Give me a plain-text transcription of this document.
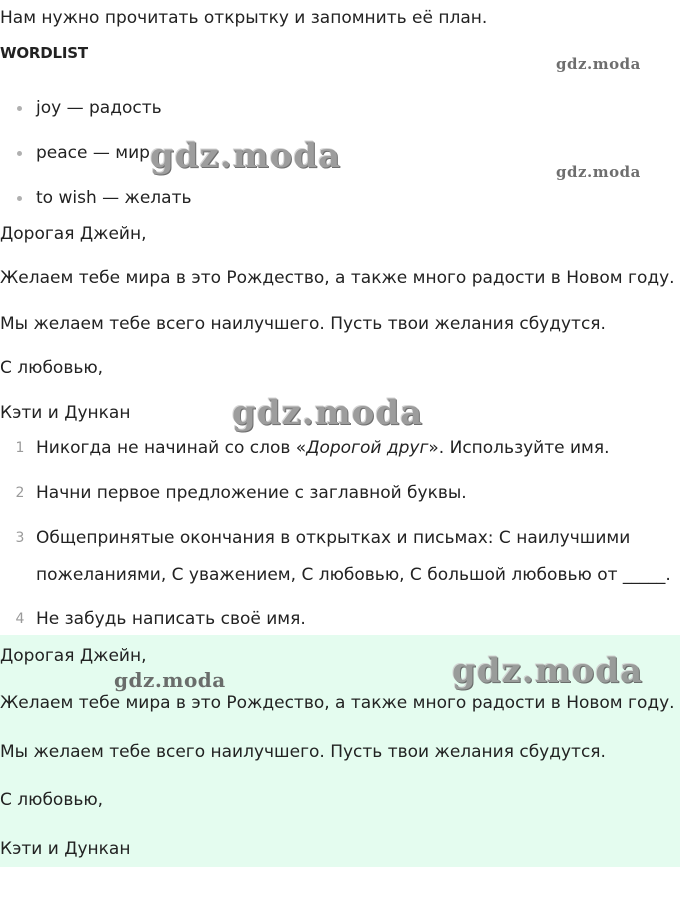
Нам нужно прочитать открытку и запомнить её план.
WORDLIST
joy — радость
peace — мир
to wish — желать
Дорогая Джейн,
Желаем тебе мира в это Рождество, а также много радости в Новом году.
Мы желаем тебе всего наилучшего. Пусть твои желания сбудутся.
С любовью,
Кэти и Дункан
1 Никогда не начинай со слов «Дорогой друг». Используйте имя.
2 Начни первое предложение с заглавной буквы.
3 Общепринятые окончания в открытках и письмах: С наилучшими
пожеланиями, С уважением, С любовью, С большой любовью от _____.
4 Не забудь написать своё имя.
Дорогая Джейн,
Желаем тебе мира в это Рождество, а также много радости в Новом году.
Мы желаем тебе всего наилучшего. Пусть твои желания сбудутся.
С любовью,
Кэти и Дункан
gdz.moda
gdz.moda
gdz.moda
gdz.moda
gdz.moda
gdz.moda
